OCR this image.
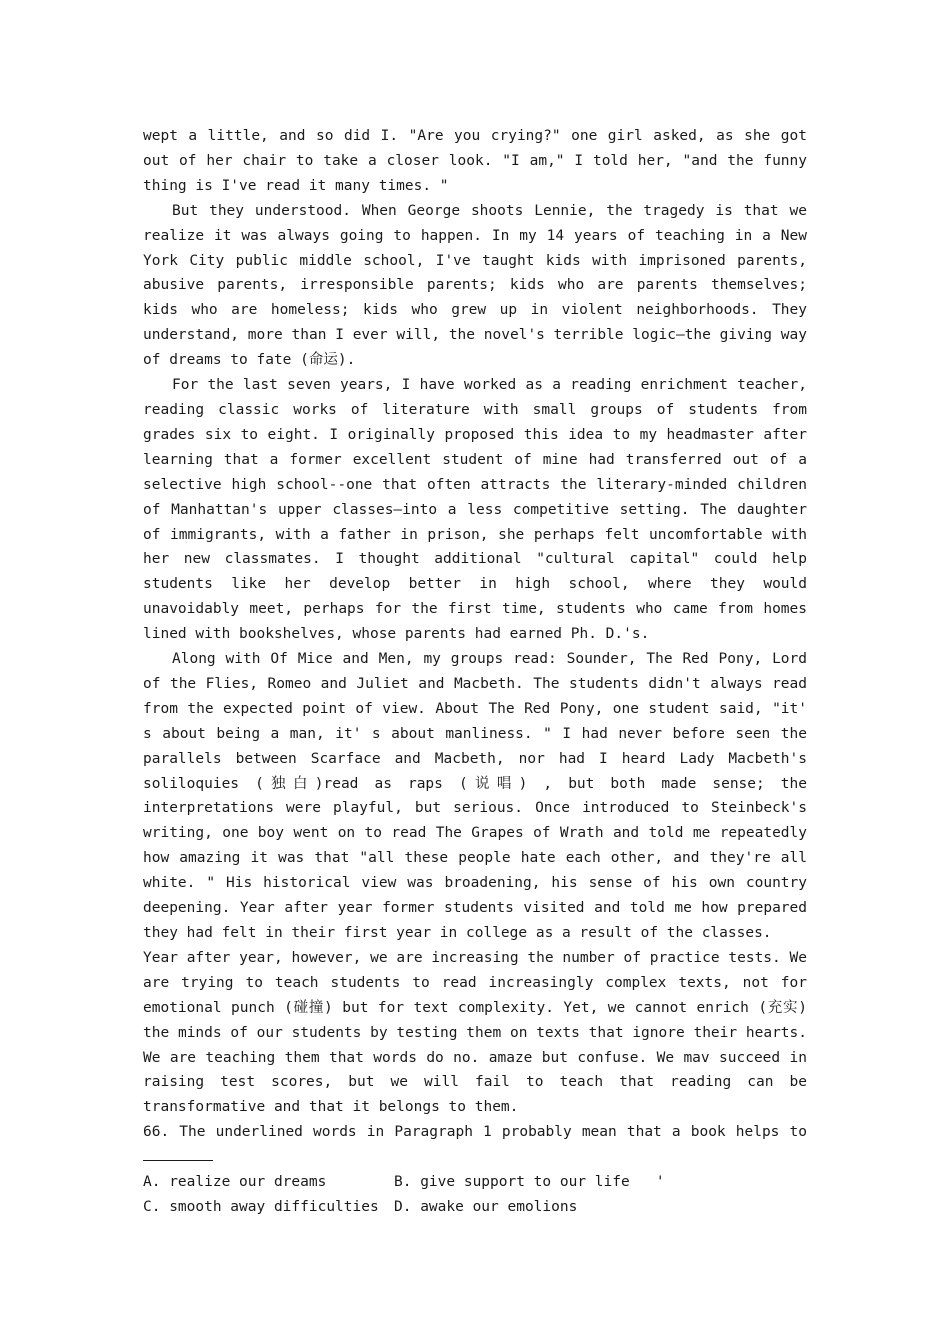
wept a little, and so did I. "Are you crying?" one girl asked, as she got out of her chair to take a closer look. "I am," I told her, "and the funny thing is I've read it many times. "

But they understood. When George shoots Lennie, the tragedy is that we realize it was always going to happen. In my 14 years of teaching in a New York City public middle school, I've taught kids with imprisoned parents, abusive parents, irresponsible parents; kids who are parents themselves; kids who are homeless; kids who grew up in violent neighborhoods. They understand, more than I ever will, the novel's terrible logic—the giving way of dreams to fate (命运).

For the last seven years, I have worked as a reading enrichment teacher, reading classic works of literature with small groups of students from grades six to eight. I originally proposed this idea to my headmaster after learning that a former excellent student of mine had transferred out of a selective high school--one that often attracts the literary-minded children of Manhattan's upper classes—into a less competitive setting. The daughter of immigrants, with a father in prison, she perhaps felt uncomfortable with her new classmates. I thought additional "cultural capital" could help students like her develop better in high school, where they would unavoidably meet, perhaps for the first time, students who came from homes lined with bookshelves, whose parents had earned Ph. D.'s.

Along with Of Mice and Men, my groups read: Sounder, The Red Pony, Lord of the Flies, Romeo and Juliet and Macbeth. The students didn't always read from the expected point of view. About The Red Pony, one student said, "it' s about being a man, it' s about manliness. " I had never before seen the parallels between Scarface and Macbeth, nor had I heard Lady Macbeth's soliloquies (独白)read as raps (说唱) , but both made sense; the interpretations were playful, but serious. Once introduced to Steinbeck's writing, one boy went on to read The Grapes of Wrath and told me repeatedly how amazing it was that "all these people hate each other, and they're all white. " His historical view was broadening, his sense of his own country deepening. Year after year former students visited and told me how prepared they had felt in their first year in college as a result of the classes.

Year after year, however, we are increasing the number of practice tests. We are trying to teach students to read increasingly complex texts, not for emotional punch (碰撞) but for text complexity. Yet, we cannot enrich (充实) the minds of our students by testing them on texts that ignore their hearts. We are teaching them that words do no. amaze but confuse. We mav succeed in raising test scores, but we will fail to teach that reading can be transformative and that it belongs to them.

66. The underlined words in Paragraph 1 probably mean that a book helps to

A. realize our dreams	B. give support to our life   '
C. smooth away difficulties	D. awake our emolions
